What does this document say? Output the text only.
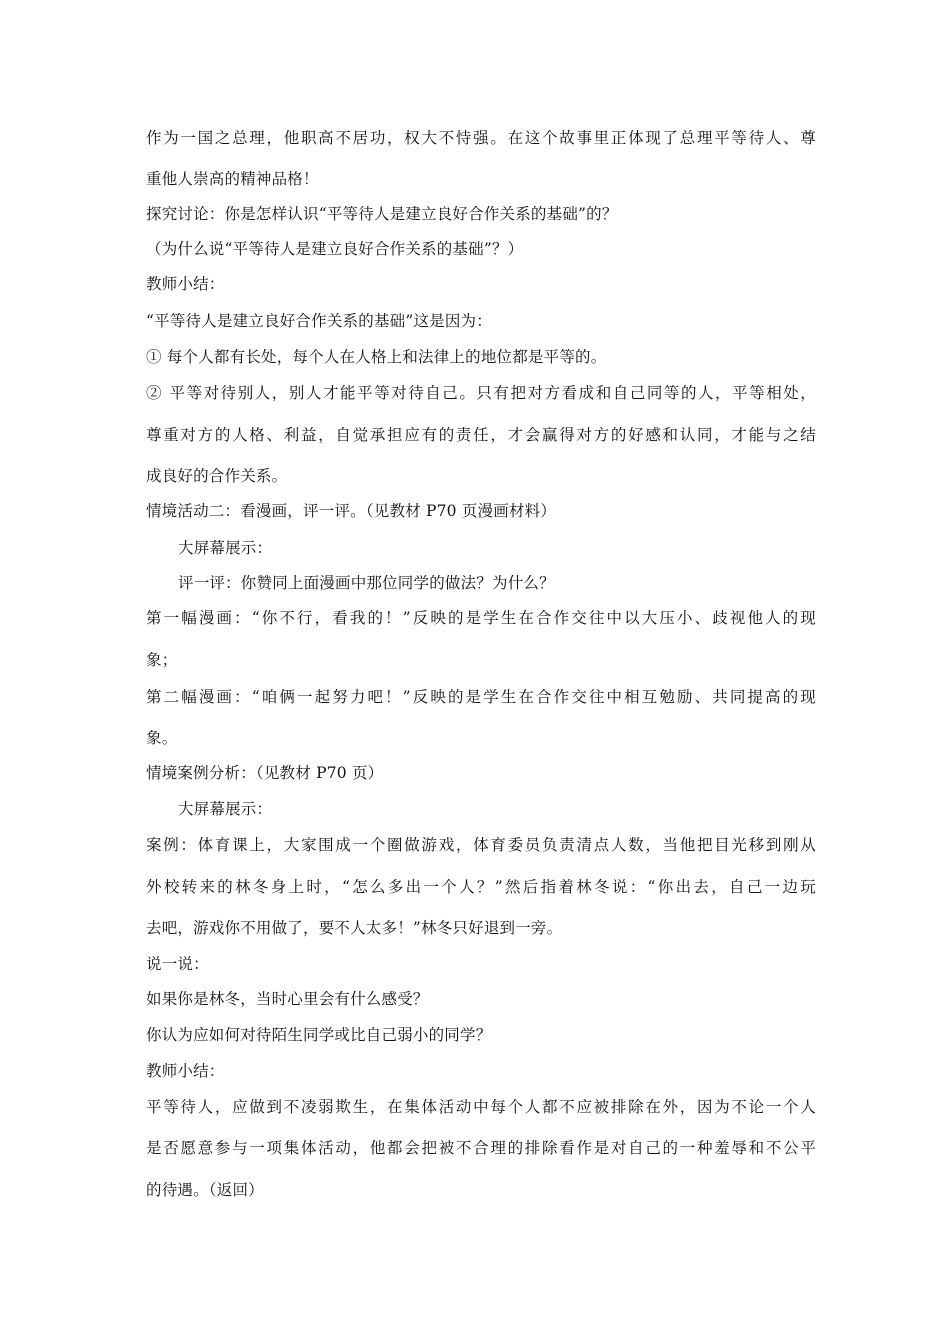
作为一国之总理，他职高不居功，权大不恃强。在这个故事里正体现了总理平等待人、尊
重他人崇高的精神品格！
探究讨论：你是怎样认识“平等待人是建立良好合作关系的基础”的？
（为什么说“平等待人是建立良好合作关系的基础”？）
教师小结：
“平等待人是建立良好合作关系的基础”这是因为：
① 每个人都有长处，每个人在人格上和法律上的地位都是平等的。
② 平等对待别人，别人才能平等对待自己。只有把对方看成和自己同等的人，平等相处，
尊重对方的人格、利益，自觉承担应有的责任，才会赢得对方的好感和认同，才能与之结
成良好的合作关系。
情境活动二：看漫画，评一评。（见教材 P70 页漫画材料）
大屏幕展示：
评一评：你赞同上面漫画中那位同学的做法？为什么？
第一幅漫画：“你不行，看我的！”反映的是学生在合作交往中以大压小、歧视他人的现
象；
第二幅漫画：“咱俩一起努力吧！”反映的是学生在合作交往中相互勉励、共同提高的现
象。
情境案例分析：（见教材 P70 页）
大屏幕展示：
案例：体育课上，大家围成一个圈做游戏，体育委员负责清点人数，当他把目光移到刚从
外校转来的林冬身上时，“怎么多出一个人？”然后指着林冬说：“你出去，自己一边玩
去吧，游戏你不用做了，要不人太多！”林冬只好退到一旁。
说一说：
如果你是林冬，当时心里会有什么感受？
你认为应如何对待陌生同学或比自己弱小的同学？
教师小结：
平等待人，应做到不凌弱欺生，在集体活动中每个人都不应被排除在外，因为不论一个人
是否愿意参与一项集体活动，他都会把被不合理的排除看作是对自己的一种羞辱和不公平
的待遇。（返回）
